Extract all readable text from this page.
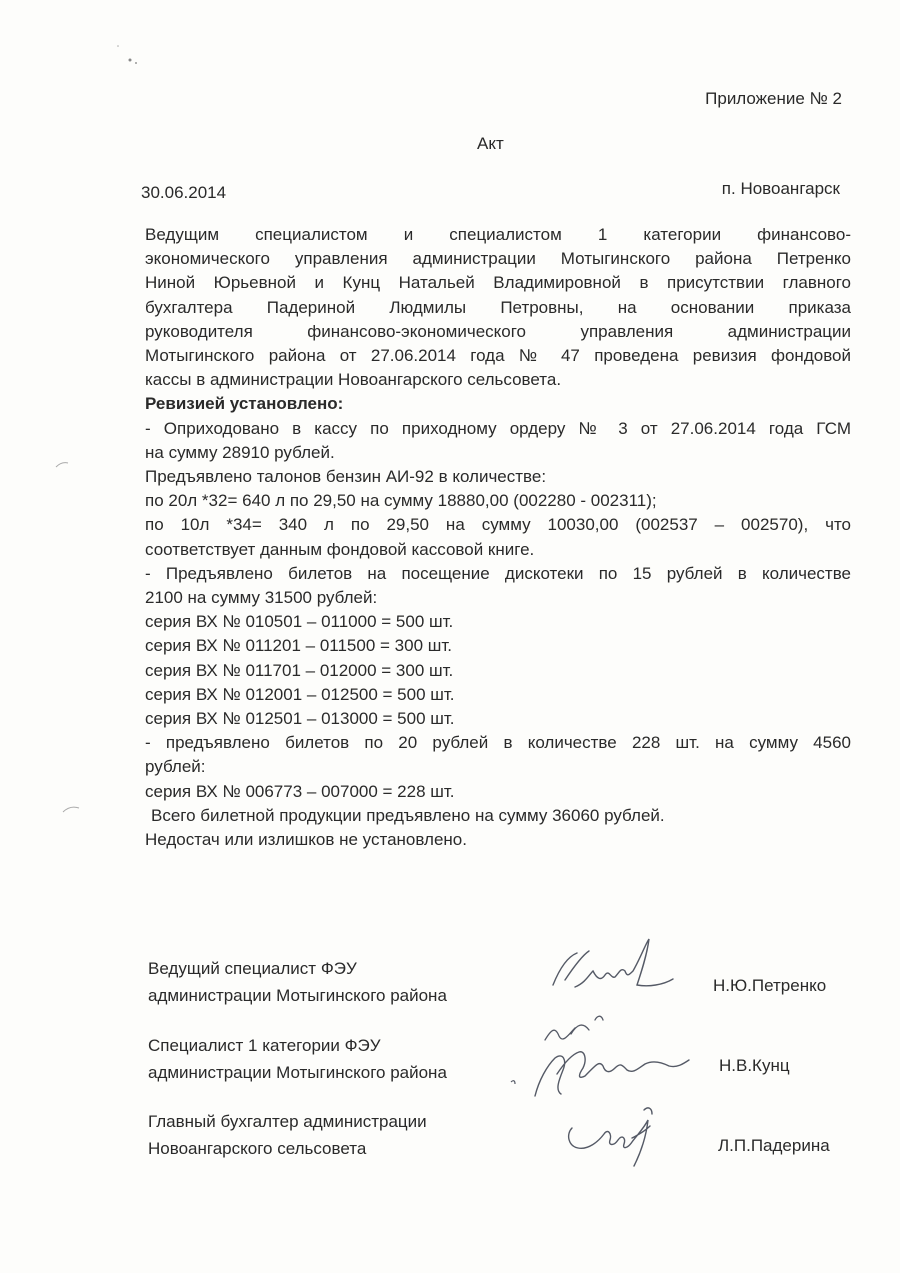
Приложение № 2
Акт
30.06.2014	п. Новоангарск
Ведущим специалистом и специалистом 1 категории финансово-
экономического управления администрации Мотыгинского района Петренко
Ниной Юрьевной и Кунц Натальей Владимировной в присутствии главного
бухгалтера Падериной Людмилы Петровны, на основании приказа
руководителя финансово-экономического управления администрации
Мотыгинского района от 27.06.2014 года № 47 проведена ревизия фондовой
кассы в администрации Новоангарского сельсовета.
Ревизией установлено:
- Оприходовано в кассу по приходному ордеру № 3 от 27.06.2014 года ГСМ
на сумму 28910 рублей.
Предъявлено талонов бензин АИ-92 в количестве:
по 20л *32= 640 л по 29,50 на сумму 18880,00 (002280 - 002311);
по 10л *34= 340 л по 29,50 на сумму 10030,00 (002537 – 002570), что
соответствует данным фондовой кассовой книге.
- Предъявлено билетов на посещение дискотеки по 15 рублей в количестве
2100 на сумму 31500 рублей:
серия ВХ № 010501 – 011000 = 500 шт.
серия ВХ № 011201 – 011500 = 300 шт.
серия ВХ № 011701 – 012000 = 300 шт.
серия ВХ № 012001 – 012500 = 500 шт.
серия ВХ № 012501 – 013000 = 500 шт.
- предъявлено билетов по 20 рублей в количестве 228 шт. на сумму 4560
рублей:
серия ВХ № 006773 – 007000 = 228 шт.
Всего билетной продукции предъявлено на сумму 36060 рублей.
Недостач или излишков не установлено.
Ведущий специалист ФЭУ
администрации Мотыгинского района
Н.Ю.Петренко
Специалист 1 категории ФЭУ
администрации Мотыгинского района	Н.В.Кунц
Главный бухгалтер администрации
Новоангарского сельсовета	Л.П.Падерина
